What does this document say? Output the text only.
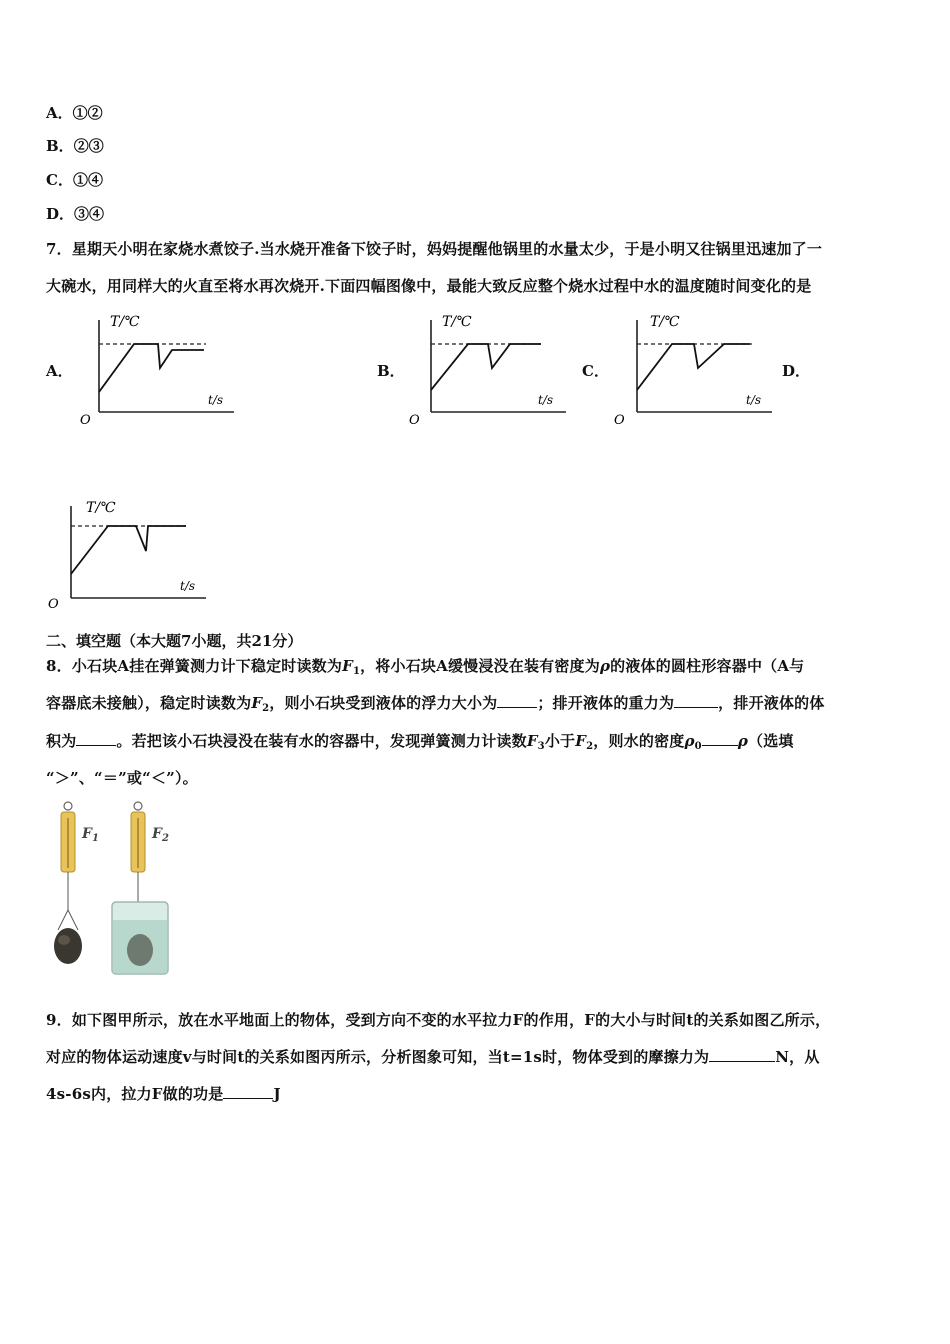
A．①②
B．②③
C．①④
D．③④
7．星期天小明在家烧水煮饺子.当水烧开准备下饺子时，妈妈提醒他锅里的水量太少，于是小明又往锅里迅速加了一
大碗水，用同样大的火直至将水再次烧开.下面四幅图像中，最能大致反应整个烧水过程中水的温度随时间变化的是
A．	B．	C．	D．
T/℃
t/s
O
T/℃
t/s
O
T/℃
t/s
O
T/℃
t/s
O
二、填空题（本大题7小题，共21分）
8．小石块A挂在弹簧测力计下稳定时读数为$F_1$，将小石块A缓慢浸没在装有密度为ρ的液体的圆柱形容器中（A与
容器底未接触），稳定时读数为$F_2$，则小石块受到液体的浮力大小为	；排开液体的重力为	，排开液体的体
积为	。若把该小石块浸没在装有水的容器中，发现弹簧测力计读数$F_3$小于$F_2$，则水的密度$\rho_0$ ρ（选填
“＞”、“＝”或“＜”）。
$F_1$	$F_2$
9．如下图甲所示，放在水平地面上的物体，受到方向不变的水平拉力F的作用，F的大小与时间t的关系如图乙所示，
对应的物体运动速度v与时间t的关系如图丙所示，分析图象可知，当t=1s时，物体受到的摩擦力为	N，从
4s-6s内，拉力F做的功是	J
